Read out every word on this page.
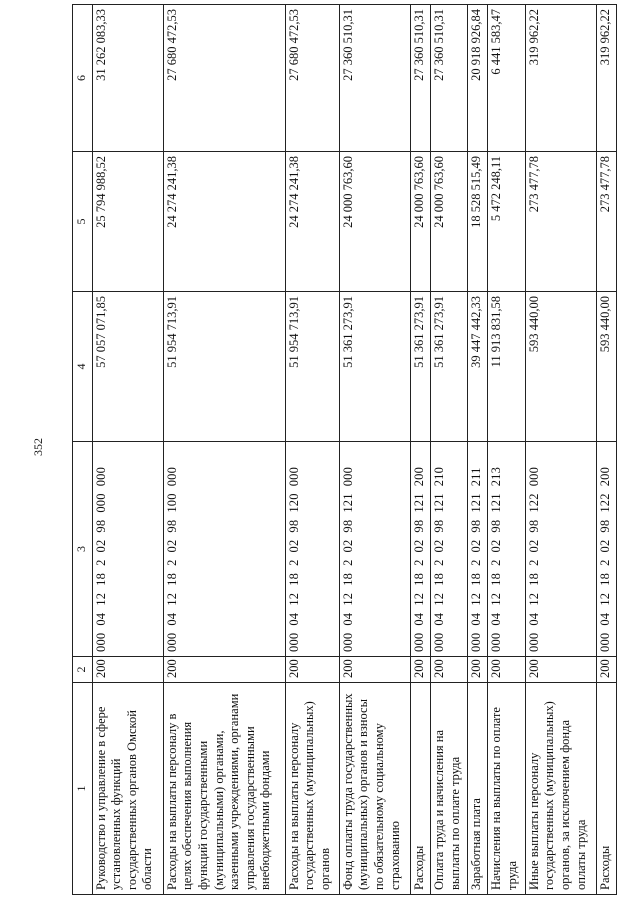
352
1	2	3	4	5	6
Руководство и управление в сфере установленных функций государственных органов Омской области	200	00004121820298000000	57 057 071,85	25 794 988,52	31 262 083,33
Расходы на выплаты персоналу в целях обеспечения выполнения функций государственными (муниципальными) органами, казенными учреждениями, органами управления государственными внебюджетными фондами	200	00004121820298100000	51 954 713,91	24 274 241,38	27 680 472,53
Расходы на выплаты персоналу государственных (муниципальных) органов	200	00004121820298120000	51 954 713,91	24 274 241,38	27 680 472,53
Фонд оплаты труда государственных (муниципальных) органов и взносы по обязательному социальному страхованию	200	00004121820298121000	51 361 273,91	24 000 763,60	27 360 510,31
Расходы	200	00004121820298121200	51 361 273,91	24 000 763,60	27 360 510,31
Оплата труда и начисления на выплаты по оплате труда	200	00004121820298121210	51 361 273,91	24 000 763,60	27 360 510,31
Заработная плата	200	00004121820298121211	39 447 442,33	18 528 515,49	20 918 926,84
Начисления на выплаты по оплате труда	200	00004121820298121213	11 913 831,58	5 472 248,11	6 441 583,47
Иные выплаты персоналу государственных (муниципальных) органов, за исключением фонда оплаты труда	200	00004121820298122000	593 440,00	273 477,78	319 962,22
Расходы	200	00004121820298122200	593 440,00	273 477,78	319 962,22
